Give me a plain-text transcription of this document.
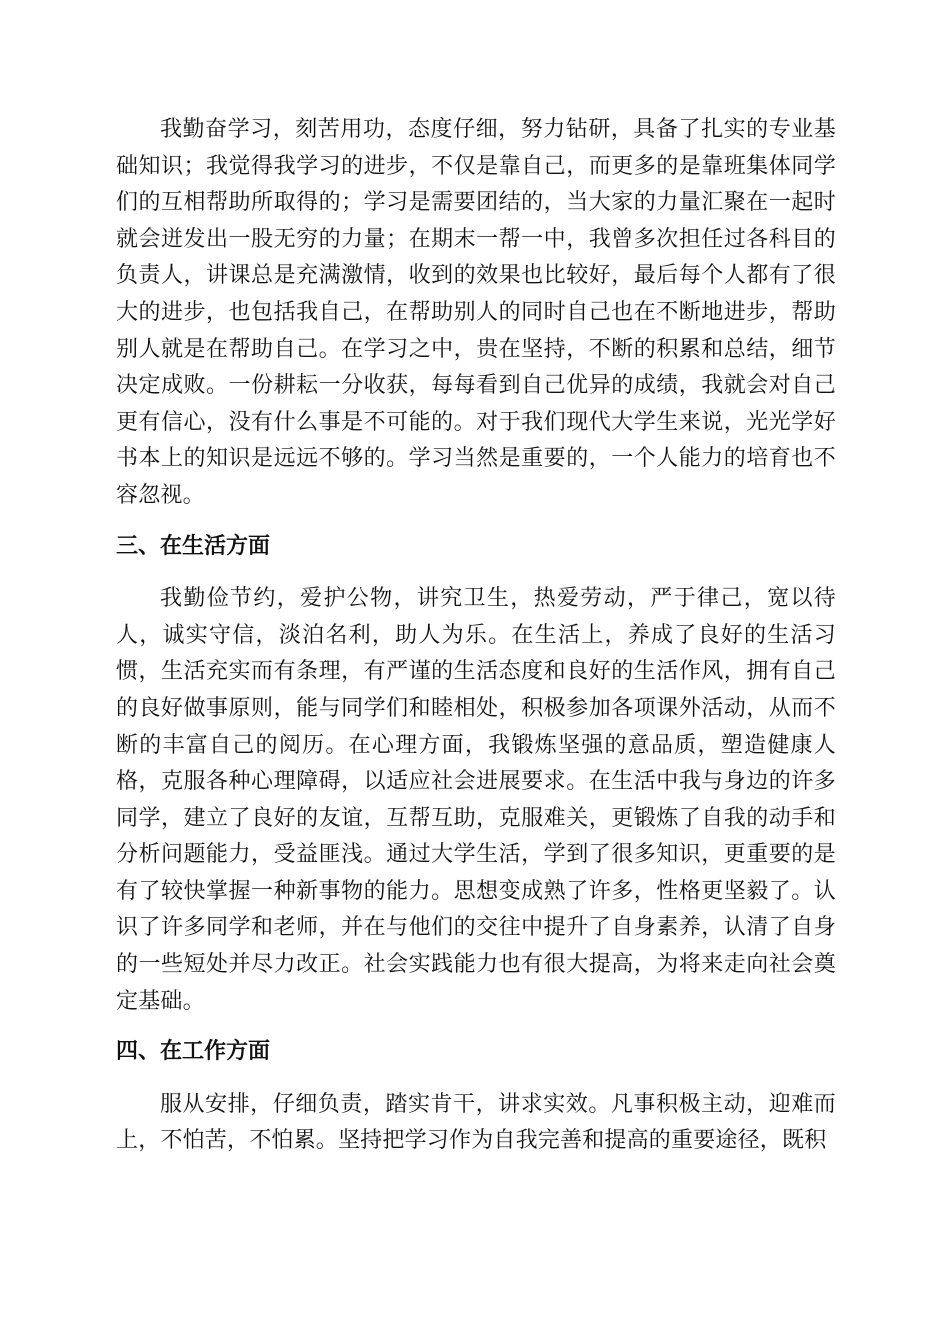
我勤奋学习，刻苦用功，态度仔细，努力钻研，具备了扎实的专业基础知识；我觉得我学习的进步，不仅是靠自己，而更多的是靠班集体同学们的互相帮助所取得的；学习是需要团结的，当大家的力量汇聚在一起时就会迸发出一股无穷的力量；在期末一帮一中，我曾多次担任过各科目的负责人，讲课总是充满激情，收到的效果也比较好，最后每个人都有了很大的进步，也包括我自己，在帮助别人的同时自己也在不断地进步，帮助别人就是在帮助自己。在学习之中，贵在坚持，不断的积累和总结，细节决定成败。一份耕耘一分收获，每每看到自己优异的成绩，我就会对自己更有信心，没有什么事是不可能的。对于我们现代大学生来说，光光学好书本上的知识是远远不够的。学习当然是重要的，一个人能力的培育也不容忽视。

三、在生活方面

我勤俭节约，爱护公物，讲究卫生，热爱劳动，严于律己，宽以待人，诚实守信，淡泊名利，助人为乐。在生活上，养成了良好的生活习惯，生活充实而有条理，有严谨的生活态度和良好的生活作风，拥有自己的良好做事原则，能与同学们和睦相处，积极参加各项课外活动，从而不断的丰富自己的阅历。在心理方面，我锻炼坚强的意品质，塑造健康人格，克服各种心理障碍，以适应社会进展要求。在生活中我与身边的许多同学，建立了良好的友谊，互帮互助，克服难关，更锻炼了自我的动手和分析问题能力，受益匪浅。通过大学生活，学到了很多知识，更重要的是有了较快掌握一种新事物的能力。思想变成熟了许多，性格更坚毅了。认识了许多同学和老师，并在与他们的交往中提升了自身素养，认清了自身的一些短处并尽力改正。社会实践能力也有很大提高，为将来走向社会奠定基础。

四、在工作方面

服从安排，仔细负责，踏实肯干，讲求实效。凡事积极主动，迎难而上，不怕苦，不怕累。坚持把学习作为自我完善和提高的重要途径，既积
